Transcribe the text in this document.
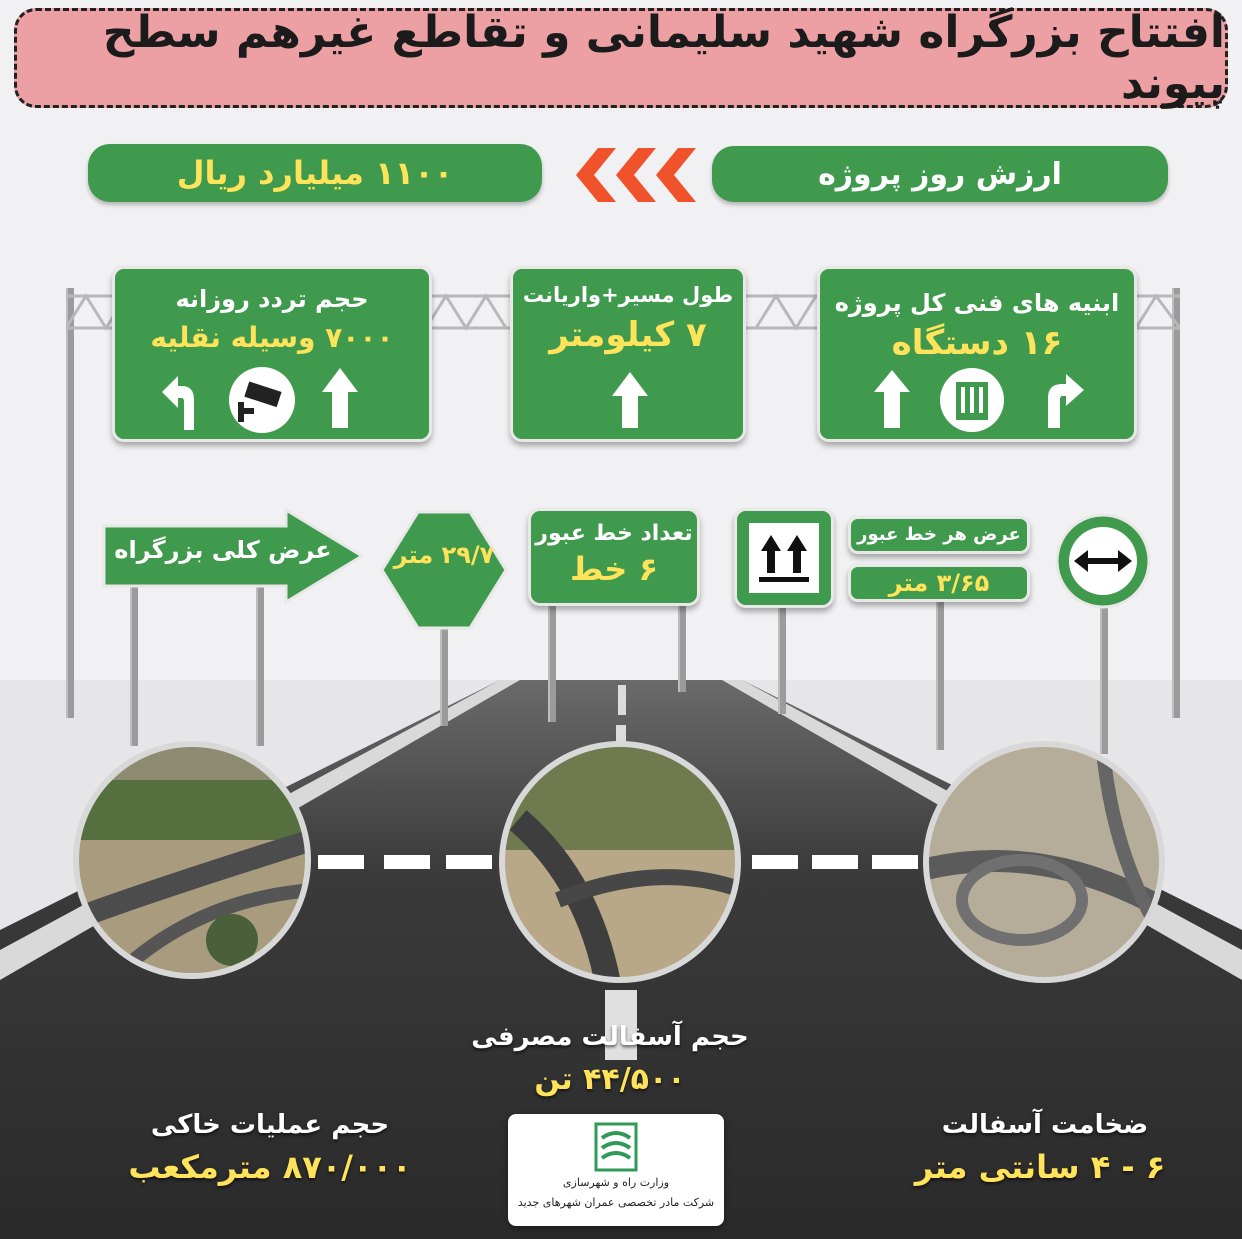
افتتاح بزرگراه شهید سلیمانی و تقاطع غیرهم سطح پیوند
ارزش روز پروژه
۱۱۰۰ میلیارد ریال
ابنیه های فنی کل پروژه
۱۶ دستگاه
طول مسیر+واریانت
۷ کیلومتر
حجم تردد روزانه
۷۰۰۰ وسیله نقلیه
عرض کلی بزرگراه	۲۹/۷ متر
تعداد خط عبور
۶ خط
عرض هر خط عبور
۳/۶۵ متر
حجم آسفالت مصرفی
۴۴/۵۰۰ تن
حجم عملیات خاکی
۸۷۰/۰۰۰ مترمکعب
ضخامت آسفالت
۶ - ۴ سانتی متر
وزارت راه و شهرسازی
شرکت مادر تخصصی عمران شهرهای جدید
